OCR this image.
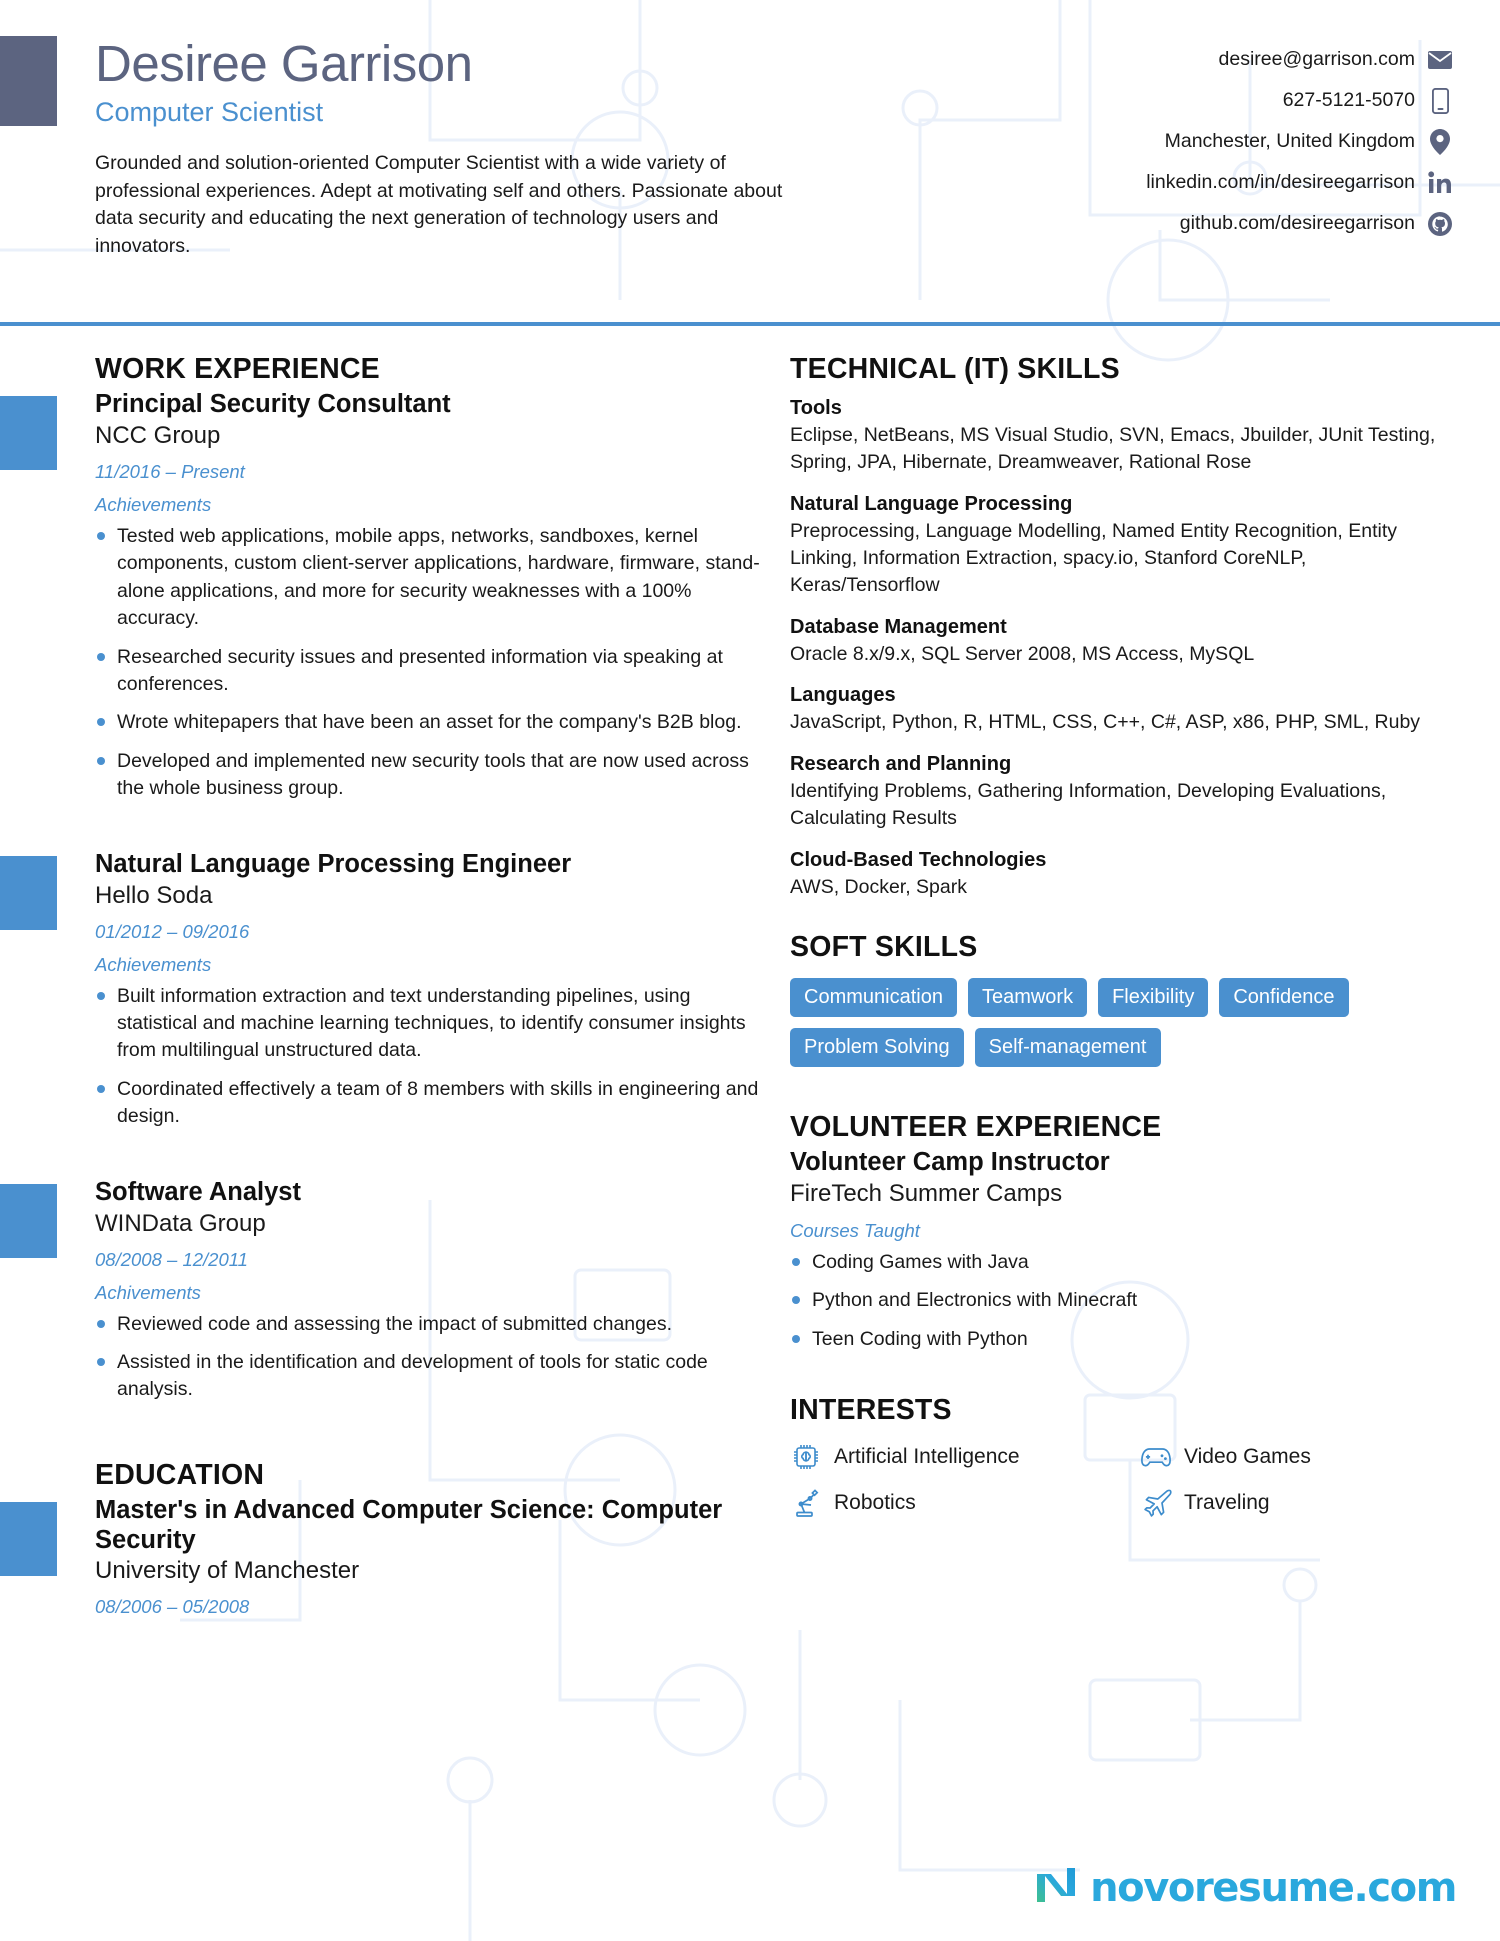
Desiree Garrison
Computer Scientist
Grounded and solution-oriented Computer Scientist with a wide variety of professional experiences. Adept at motivating self and others. Passionate about data security and educating the next generation of technology users and innovators.
desiree@garrison.com
627-5121-5070
Manchester, United Kingdom
linkedin.com/in/desireegarrison
github.com/desireegarrison
WORK EXPERIENCE
Principal Security Consultant
NCC Group
11/2016 – Present
Achievements
Tested web applications, mobile apps, networks, sandboxes, kernel components, custom client-server applications, hardware, firmware, stand-alone applications, and more for security weaknesses with a 100% accuracy.
Researched security issues and presented information via speaking at conferences.
Wrote whitepapers that have been an asset for the company's B2B blog.
Developed and implemented new security tools that are now used across the whole business group.
Natural Language Processing Engineer
Hello Soda
01/2012 – 09/2016
Achievements
Built information extraction and text understanding pipelines, using statistical and machine learning techniques, to identify consumer insights from multilingual unstructured data.
Coordinated effectively a team of 8 members with skills in engineering and design.
Software Analyst
WINData Group
08/2008 – 12/2011
Achivements
Reviewed code and assessing the impact of submitted changes.
Assisted in the identification and development of tools for static code analysis.
EDUCATION
Master's in Advanced Computer Science: Computer Security
University of Manchester
08/2006 – 05/2008
TECHNICAL (IT) SKILLS
Tools
Eclipse, NetBeans, MS Visual Studio, SVN, Emacs, Jbuilder, JUnit Testing, Spring, JPA, Hibernate, Dreamweaver, Rational Rose
Natural Language Processing
Preprocessing, Language Modelling, Named Entity Recognition, Entity Linking, Information Extraction, spacy.io, Stanford CoreNLP, Keras/Tensorflow
Database Management
Oracle 8.x/9.x, SQL Server 2008, MS Access, MySQL
Languages
JavaScript, Python, R, HTML, CSS, C++, C#, ASP, x86, PHP, SML, Ruby
Research and Planning
Identifying Problems, Gathering Information, Developing Evaluations, Calculating Results
Cloud-Based Technologies
AWS, Docker, Spark
SOFT SKILLS
Communication	Teamwork	Flexibility	Confidence
Problem Solving	Self-management
VOLUNTEER EXPERIENCE
Volunteer Camp Instructor
FireTech Summer Camps
Courses Taught
Coding Games with Java
Python and Electronics with Minecraft
Teen Coding with Python
INTERESTS
Artificial Intelligence	Video Games
Robotics	Traveling
novoresume.com
